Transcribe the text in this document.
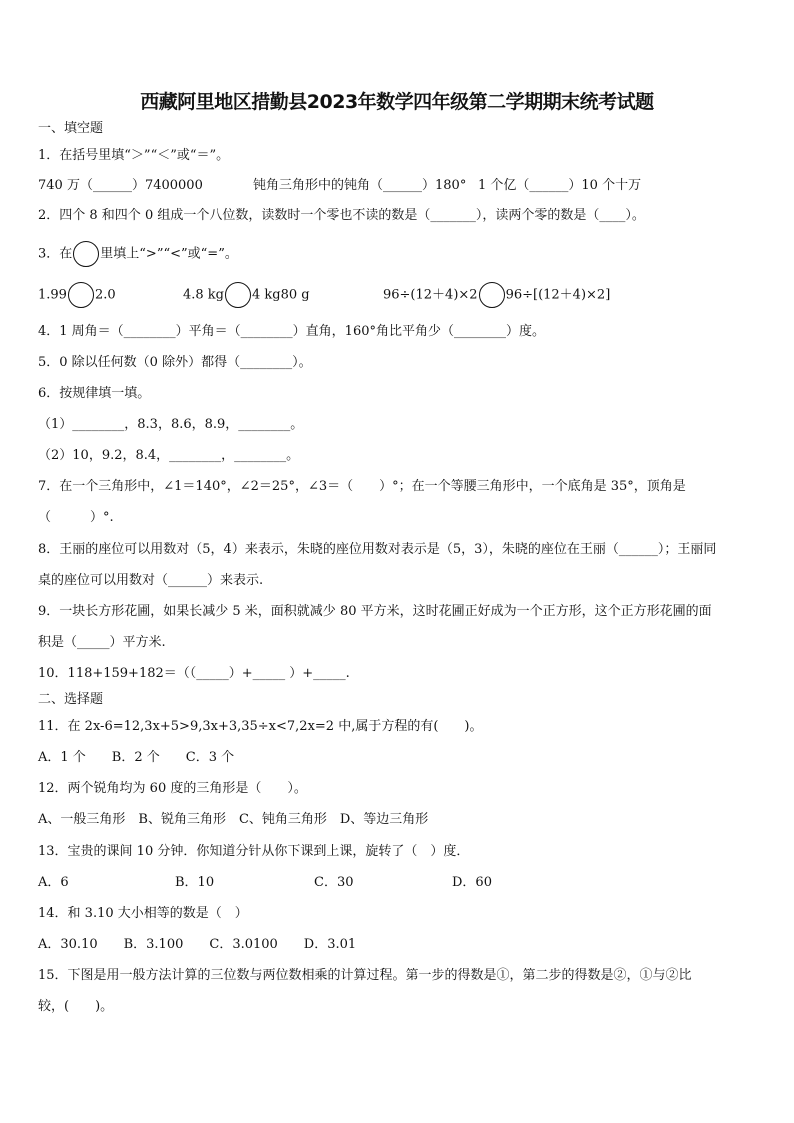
西藏阿里地区措勤县2023年数学四年级第二学期期末统考试题
一、填空题
1．在括号里填“＞”“＜”或“＝”。
740 万（______）7400000	钝角三角形中的钝角（______）180° 1 个亿（______）10 个十万
2．四个 8 和四个 0 组成一个八位数，读数时一个零也不读的数是（_______），读两个零的数是（____）。
3．在 里填上“>”“<”或“=”。
1.99 2.0	4.8 kg 4 kg80 g	96÷(12＋4)×2 96÷[(12＋4)×2]
4．1 周角＝（________）平角＝（________）直角，160°角比平角少（________）度。
5．0 除以任何数（0 除外）都得（________）。
6．按规律填一填。
（1）________，8.3，8.6，8.9，________。
（2）10，9.2，8.4，________，________。
7．在一个三角形中，∠1＝140°，∠2＝25°，∠3＝（　　）°；在一个等腰三角形中，一个底角是 35°，顶角是
（　　　）°.
8．王丽的座位可以用数对（5，4）来表示，朱晓的座位用数对表示是（5，3），朱晓的座位在王丽（______）；王丽同
桌的座位可以用数对（______）来表示.
9．一块长方形花圃，如果长减少 5 米，面积就减少 80 平方米，这时花圃正好成为一个正方形，这个正方形花圃的面
积是（_____）平方米.
10．118+159+182＝（（_____）+_____ ）+_____.
二、选择题
11．在 2x-6=12,3x+5>9,3x+3,35÷x<7,2x=2 中,属于方程的有(　　)。
A．1 个　　B．2 个　　C．3 个
12．两个锐角均为 60 度的三角形是（　　）。
A、一般三角形　B、锐角三角形　C、钝角三角形　D、等边三角形
13．宝贵的课间 10 分钟．你知道分针从你下课到上课，旋转了（　）度．
A．6	B．10	C．30	D．60
14．和 3.10 大小相等的数是（　）
A．30.10　　B．3.100　　C．3.0100　　D．3.01
15．下图是用一般方法计算的三位数与两位数相乘的计算过程。第一步的得数是①，第二步的得数是②，①与②比
较，(　　)。
